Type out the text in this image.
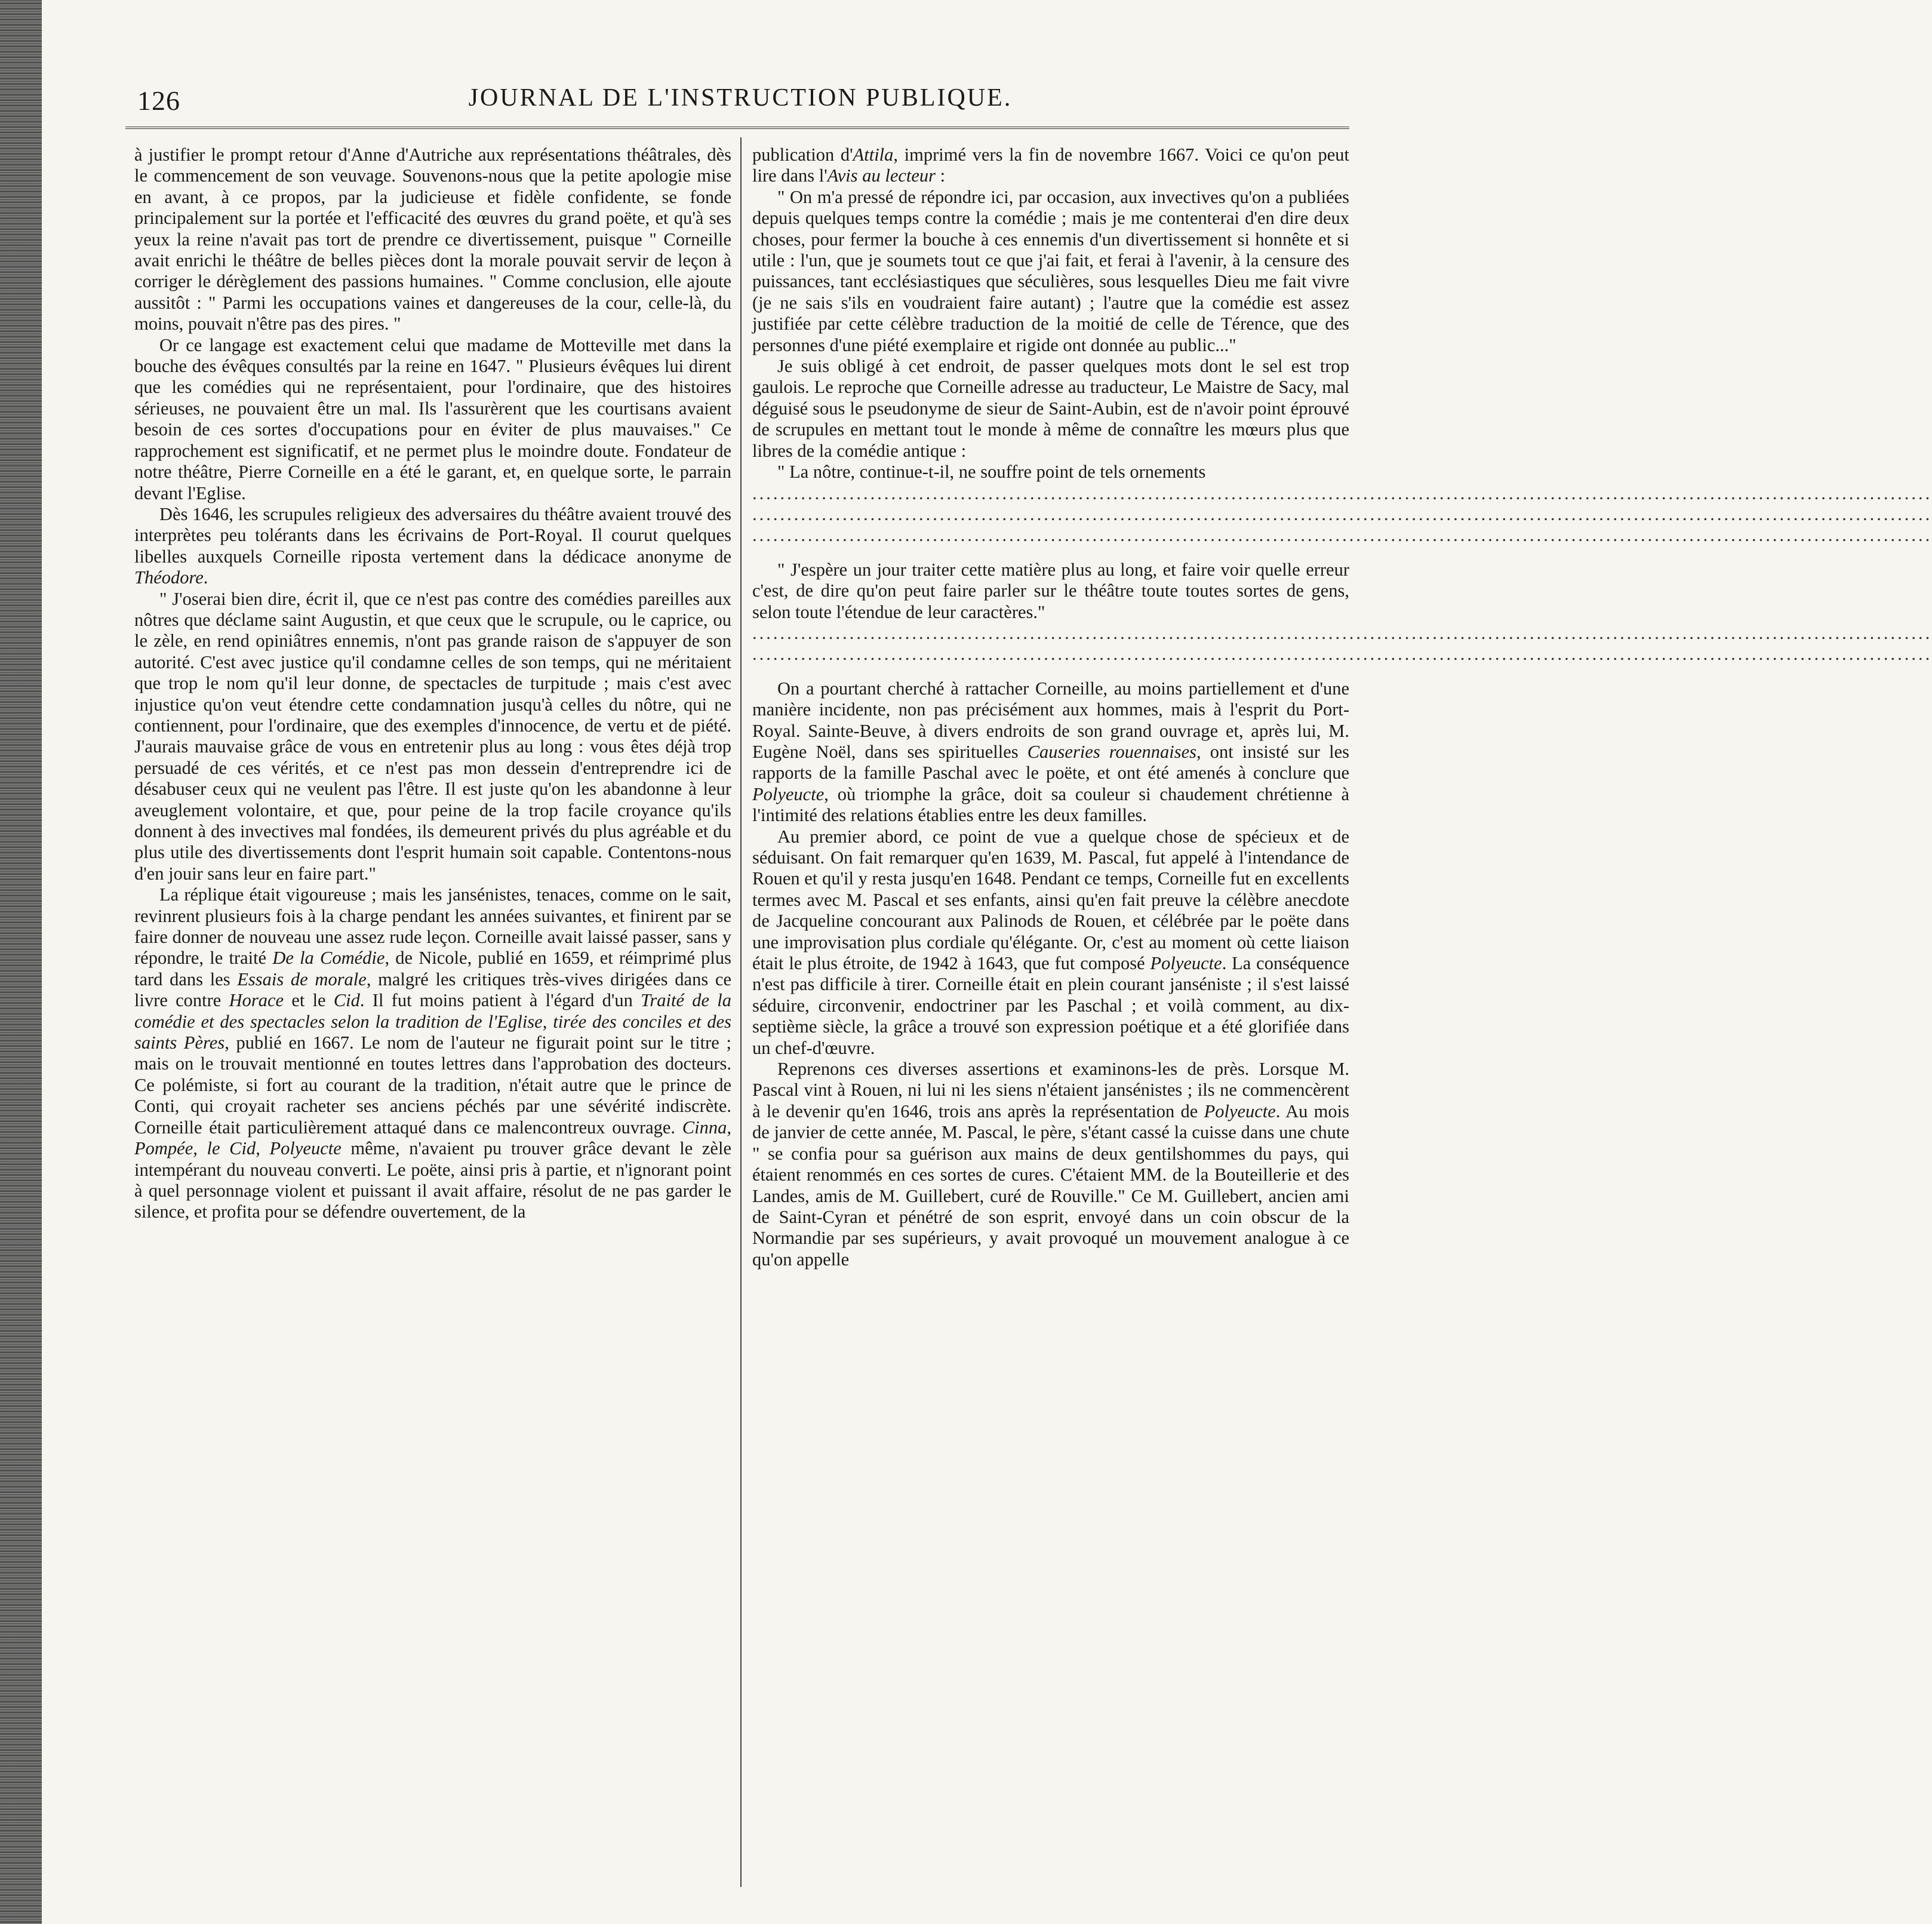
126	JOURNAL DE L'INSTRUCTION PUBLIQUE.

à justifier le prompt retour d'Anne d'Autriche aux représentations théâtrales, dès le commencement de son veuvage. Souvenons-nous que la petite apologie mise en avant, à ce propos, par la judicieuse et fidèle confidente, se fonde principalement sur la portée et l'efficacité des œuvres du grand poëte, et qu'à ses yeux la reine n'avait pas tort de prendre ce divertissement, puisque " Corneille avait enrichi le théâtre de belles pièces dont la morale pouvait servir de leçon à corriger le dérèglement des passions humaines. " Comme conclusion, elle ajoute aussitôt : " Parmi les occupations vaines et dangereuses de la cour, celle-là, du moins, pouvait n'être pas des pires. "

Or ce langage est exactement celui que madame de Motteville met dans la bouche des évêques consultés par la reine en 1647. " Plusieurs évêques lui dirent que les comédies qui ne représentaient, pour l'ordinaire, que des histoires sérieuses, ne pouvaient être un mal. Ils l'assurèrent que les courtisans avaient besoin de ces sortes d'occupations pour en éviter de plus mauvaises." Ce rapprochement est significatif, et ne permet plus le moindre doute. Fondateur de notre théâtre, Pierre Corneille en a été le garant, et, en quelque sorte, le parrain devant l'Eglise.

Dès 1646, les scrupules religieux des adversaires du théâtre avaient trouvé des interprètes peu tolérants dans les écrivains de Port-Royal. Il courut quelques libelles auxquels Corneille riposta vertement dans la dédicace anonyme de Théodore.

" J'oserai bien dire, écrit il, que ce n'est pas contre des comédies pareilles aux nôtres que déclame saint Augustin, et que ceux que le scrupule, ou le caprice, ou le zèle, en rend opiniâtres ennemis, n'ont pas grande raison de s'appuyer de son autorité. C'est avec justice qu'il condamne celles de son temps, qui ne méritaient que trop le nom qu'il leur donne, de spectacles de turpitude ; mais c'est avec injustice qu'on veut étendre cette condamnation jusqu'à celles du nôtre, qui ne contiennent, pour l'ordinaire, que des exemples d'innocence, de vertu et de piété. J'aurais mauvaise grâce de vous en entretenir plus au long : vous êtes déjà trop persuadé de ces vérités, et ce n'est pas mon dessein d'entreprendre ici de désabuser ceux qui ne veulent pas l'être. Il est juste qu'on les abandonne à leur aveuglement volontaire, et que, pour peine de la trop facile croyance qu'ils donnent à des invectives mal fondées, ils demeurent privés du plus agréable et du plus utile des divertissements dont l'esprit humain soit capable. Contentons-nous d'en jouir sans leur en faire part."

La réplique était vigoureuse ; mais les jansénistes, tenaces, comme on le sait, revinrent plusieurs fois à la charge pendant les années suivantes, et finirent par se faire donner de nouveau une assez rude leçon. Corneille avait laissé passer, sans y répondre, le traité De la Comédie, de Nicole, publié en 1659, et réimprimé plus tard dans les Essais de morale, malgré les critiques très-vives dirigées dans ce livre contre Horace et le Cid. Il fut moins patient à l'égard d'un Traité de la comédie et des spectacles selon la tradition de l'Eglise, tirée des conciles et des saints Pères, publié en 1667. Le nom de l'auteur ne figurait point sur le titre ; mais on le trouvait mentionné en toutes lettres dans l'approbation des docteurs. Ce polémiste, si fort au courant de la tradition, n'était autre que le prince de Conti, qui croyait racheter ses anciens péchés par une sévérité indiscrète. Corneille était particulièrement attaqué dans ce malencontreux ouvrage. Cinna, Pompée, le Cid, Polyeucte même, n'avaient pu trouver grâce devant le zèle intempérant du nouveau converti. Le poëte, ainsi pris à partie, et n'ignorant point à quel personnage violent et puissant il avait affaire, résolut de ne pas garder le silence, et profita pour se défendre ouvertement, de la

publication d'Attila, imprimé vers la fin de novembre 1667. Voici ce qu'on peut lire dans l'Avis au lecteur :

" On m'a pressé de répondre ici, par occasion, aux invectives qu'on a publiées depuis quelques temps contre la comédie ; mais je me contenterai d'en dire deux choses, pour fermer la bouche à ces ennemis d'un divertissement si honnête et si utile : l'un, que je soumets tout ce que j'ai fait, et ferai à l'avenir, à la censure des puissances, tant ecclésiastiques que séculières, sous lesquelles Dieu me fait vivre (je ne sais s'ils en voudraient faire autant) ; l'autre que la comédie est assez justifiée par cette célèbre traduction de la moitié de celle de Térence, que des personnes d'une piété exemplaire et rigide ont donnée au public..."

Je suis obligé à cet endroit, de passer quelques mots dont le sel est trop gaulois. Le reproche que Corneille adresse au traducteur, Le Maistre de Sacy, mal déguisé sous le pseudonyme de sieur de Saint-Aubin, est de n'avoir point éprouvé de scrupules en mettant tout le monde à même de connaître les mœurs plus que libres de la comédie antique :

" La nôtre, continue-t-il, ne souffre point de tels ornements

..........................................................................................................................................................................
..........................................................................................................................................................................
..........................................................................................................................................................................

" J'espère un jour traiter cette matière plus au long, et faire voir quelle erreur c'est, de dire qu'on peut faire parler sur le théâtre toute toutes sortes de gens, selon toute l'étendue de leur caractères."

..........................................................................................................................................................................
..........................................................................................................................................................................

On a pourtant cherché à rattacher Corneille, au moins partiellement et d'une manière incidente, non pas précisément aux hommes, mais à l'esprit du Port-Royal. Sainte-Beuve, à divers endroits de son grand ouvrage et, après lui, M. Eugène Noël, dans ses spirituelles Causeries rouennaises, ont insisté sur les rapports de la famille Paschal avec le poëte, et ont été amenés à conclure que Polyeucte, où triomphe la grâce, doit sa couleur si chaudement chrétienne à l'intimité des relations établies entre les deux familles.

Au premier abord, ce point de vue a quelque chose de spécieux et de séduisant. On fait remarquer qu'en 1639, M. Pascal, fut appelé à l'intendance de Rouen et qu'il y resta jusqu'en 1648. Pendant ce temps, Corneille fut en excellents termes avec M. Pascal et ses enfants, ainsi qu'en fait preuve la célèbre anecdote de Jacqueline concourant aux Palinods de Rouen, et célébrée par le poëte dans une improvisation plus cordiale qu'élégante. Or, c'est au moment où cette liaison était le plus étroite, de 1942 à 1643, que fut composé Polyeucte. La conséquence n'est pas difficile à tirer. Corneille était en plein courant janséniste ; il s'est laissé séduire, circonvenir, endoctriner par les Paschal ; et voilà comment, au dix-septième siècle, la grâce a trouvé son expression poétique et a été glorifiée dans un chef-d'œuvre.

Reprenons ces diverses assertions et examinons-les de près. Lorsque M. Pascal vint à Rouen, ni lui ni les siens n'étaient jansénistes ; ils ne commencèrent à le devenir qu'en 1646, trois ans après la représentation de Polyeucte. Au mois de janvier de cette année, M. Pascal, le père, s'étant cassé la cuisse dans une chute " se confia pour sa guérison aux mains de deux gentilshommes du pays, qui étaient renommés en ces sortes de cures. C'étaient MM. de la Bouteillerie et des Landes, amis de M. Guillebert, curé de Rouville." Ce M. Guillebert, ancien ami de Saint-Cyran et pénétré de son esprit, envoyé dans un coin obscur de la Normandie par ses supérieurs, y avait provoqué un mouvement analogue à ce qu'on appelle
